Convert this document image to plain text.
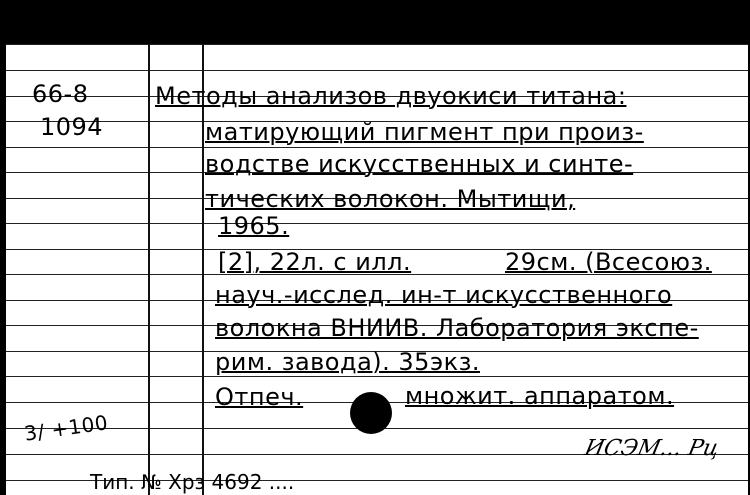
66-8
1094
Методы анализов двуокиси титана:
матирующий пигмент при произ-
водстве искусственных и синте-
тических волокон. Мытищи,
1965.
[2], 22л. с илл.	29см. (Всесоюз.
науч.-исслед. ин-т искусственного
волокна ВНИИВ. Лаборатория экспе-
рим. завода). 35экз.
Отпеч.	множит. аппаратом.
3/ +100
ИСЭМ... Рц
Тип. № Хрз 4692 ....
